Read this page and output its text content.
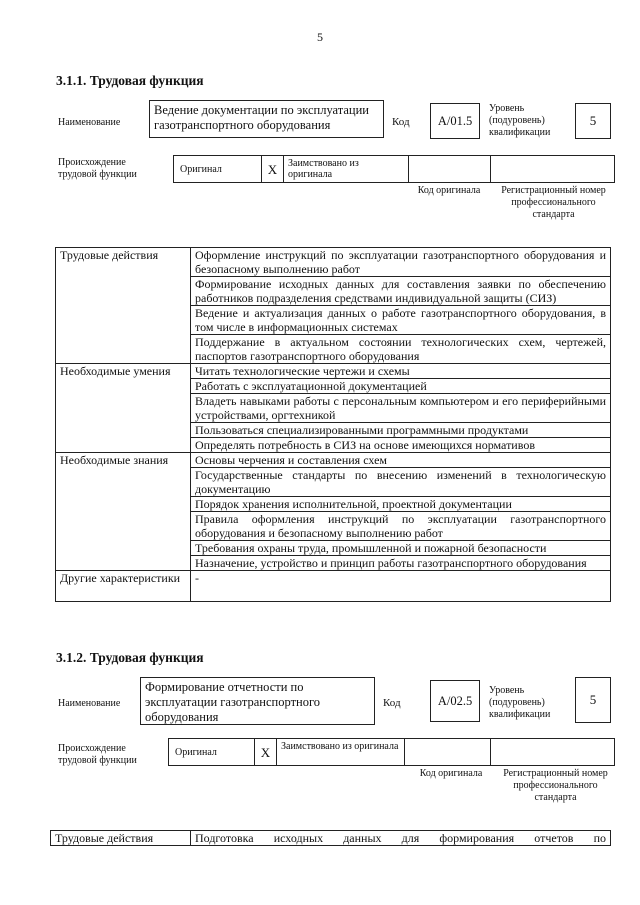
5
3.1.1. Трудовая функция
Наименование
Ведение документации по эксплуатации газотранспортного оборудования	Код A/01.5
Уровень (подуровень) квалификации
5
Происхождение трудовой функции	Оригинал	X	Заимствовано из оригинала
Код оригинала	Регистрационный номер профессионального стандарта
Трудовые действия	Оформление инструкций по эксплуатации газотранспортного оборудования и безопасному выполнению работ
	Формирование исходных данных для составления заявки по обеспечению работников подразделения средствами индивидуальной защиты (СИЗ)
	Ведение и актуализация данных о работе газотранспортного оборудования, в том числе в информационных системах
	Поддержание в актуальном состоянии технологических схем, чертежей, паспортов газотранспортного оборудования
Необходимые умения	Читать технологические чертежи и схемы
	Работать с эксплуатационной документацией
	Владеть навыками работы с персональным компьютером и его периферийными устройствами, оргтехникой
	Пользоваться специализированными программными продуктами
	Определять потребность в СИЗ на основе имеющихся нормативов
Необходимые знания	Основы черчения и составления схем
	Государственные стандарты по внесению изменений в технологическую документацию
	Порядок хранения исполнительной, проектной документации
	Правила оформления инструкций по эксплуатации газотранспортного оборудования и безопасному выполнению работ
	Требования охраны труда, промышленной и пожарной безопасности
	Назначение, устройство и принцип работы газотранспортного оборудования
Другие характеристики	-
3.1.2. Трудовая функция
Наименование
Формирование отчетности по эксплуатации газотранспортного оборудования
Код	A/02.5
Уровень (подуровень) квалификации
5
Происхождение трудовой функции
Оригинал	X	Заимствовано из оригинала
Код оригинала	Регистрационный номер профессионального стандарта
Трудовые действия	Подготовка исходных данных для формирования отчетов по
